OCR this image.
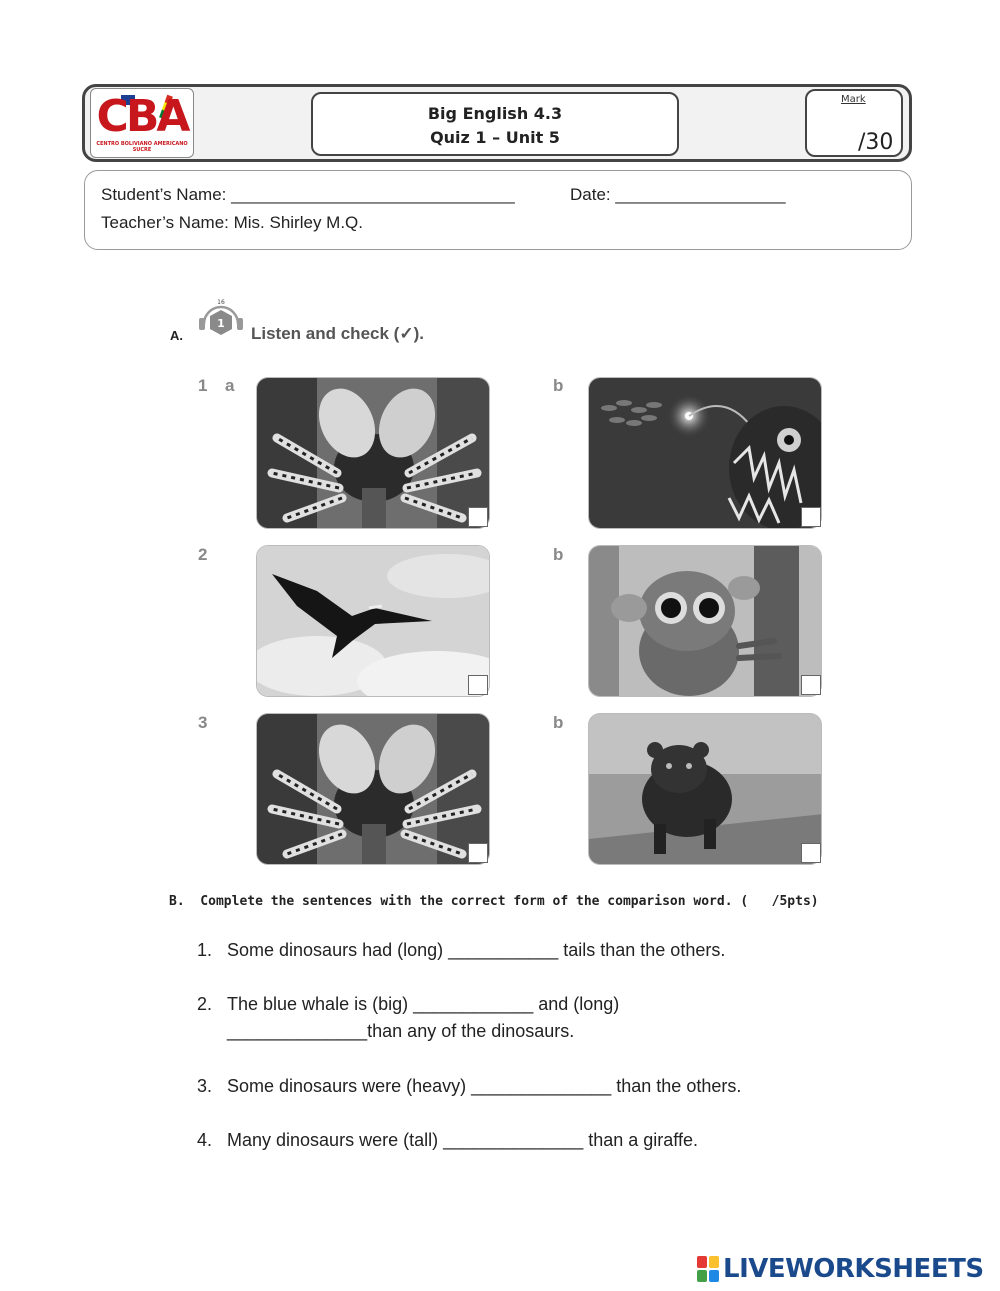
CBA
CENTRO BOLIVIANO AMERICANO SUCRE
Big English 4.3
Quiz 1 – Unit 5
Mark
/30
Student’s Name: ______________________________	Date: __________________
Teacher’s Name: Mis. Shirley M.Q.
A.
1
16
Listen and check (✓).
1 a	b
2	b
3	b
B.  Complete the sentences with the correct form of the comparison word. (   /5pts)
1. Some dinosaurs had (long) ___________ tails than the others.
2. The blue whale is (big) ____________ and (long)
______________than any of the dinosaurs.
3. Some dinosaurs were (heavy) ______________ than the others.
4. Many dinosaurs were (tall) ______________ than a giraffe.
LIVEWORKSHEETS
